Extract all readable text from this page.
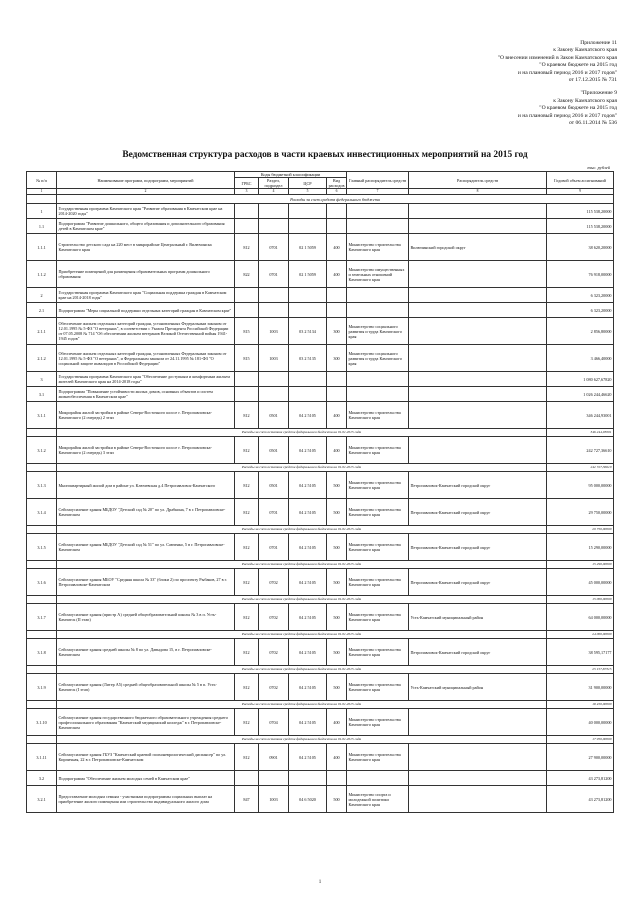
Приложение 11
к Закону Камчатского края
"О внесении изменений в Закон Камчатского края
"О краевом бюджете на 2015 год
и на плановый период 2016 и 2017 годов"
от 17.12.2015 № 731
"Приложение 9
к Закону Камчатского края
"О краевом бюджете на 2015 год
и на плановый период 2016 и 2017 годов"
от 06.11.2014 № 536
Ведомственная структура расходов в части краевых инвестиционных мероприятий на 2015 год
тыс. рублей
№ п/п	Наименование программ, подпрограмм, мероприятий	Коды бюджетной классификации				Главный распорядитель средств	Распорядитель средств	Годовой объем ассигнований
		ГРБС	Раздел, подраздел	ЦСР	Вид расходов			
1	2	3	4	5	6	7	8	9
	Расходы за счет средств федерального бюджета							
1	Государственная программа Камчатского края "Развитие образования в Камчатском крае на 2014-2020 годы"							115 538,20000
1.1	Подпрограмма "Развитие дошкольного, общего образования и дополнительного образования детей в Камчатском крае"							115 538,20000
1.1.1	Строительство детского сада на 220 мест в микрорайоне Центральный г. Вилючинска Камчатского края	812	0701	02 1 5059	400	Министерство строительства Камчатского края	Вилючинский городской округ	38 620,20000
1.1.2	Приобретение помещений для размещения образовательных программ дошкольного образования	822	0701	02 1 5059	400	Министерство имущественных и земельных отношений Камчатского края		76 918,00000
2	Государственная программа Камчатского края "Социальная поддержка граждан в Камчатском крае на 2014-2018 годы"							6 323,20000
2.1	Подпрограмма "Меры социальной поддержки отдельных категорий граждан в Камчатском крае"							6 323,20000
2.1.1	Обеспечение жильем отдельных категорий граждан, установленных Федеральным законом от 12.01.1995 № 5-ФЗ "О ветеранах", в соответствии с Указом Президента Российской Федерации от 07.05.2008 № 714 "Об обеспечении жильем ветеранов Великой Отечественной войны 1941-1945 годов"	815	1003	03 2 5134	300	Министерство социального развития и труда Камчатского края		2 856,80000
2.1.2	Обеспечение жильем отдельных категорий граждан, установленных Федеральным законом от 12.01.1995 № 5-ФЗ "О ветеранах", и Федеральным законом от 24.11.1995 № 181-ФЗ "О социальной защите инвалидов в Российской Федерации"	815	1003	03 2 5135	300	Министерство социального развития и труда Камчатского края		3 466,40000
3	Государственная программа Камчатского края "Обеспечение доступным и комфортным жильем жителей Камчатского края на 2014-2018 годы"							1 080 627,67820
3.1	Подпрограмма "Повышение устойчивости жилых домов, основных объектов и систем жизнеобеспечения в Камчатском крае"							1 026 244,46620
3.1.1	Микрорайон жилой застройки в районе Северо-Восточного шоссе г. Петропавловска-Камчатского (2 очередь) 2 этап	812	0501	04 2 5105	400	Министерство строительства Камчатского края		346 244,93001
	Расходы за счет остатков средств федерального бюджета на 01.01.2015 года							346 244,93001
3.1.2	Микрорайон жилой застройки в районе Северо-Восточного шоссе г. Петропавловска-Камчатского (2 очередь) 3 этап	812	0501	04 2 5105	400	Министерство строительства Камчатского края		242 727,36610
	Расходы за счет остатков средств федерального бюджета на 01.01.2015 года							242 727,36610
3.1.3	Многоквартирный жилой дом в районе ул. Ключевская д.4 Петропавловск-Камчатского	812	0501	04 2 5105	500	Министерство строительства Камчатского края	Петропавловск-Камчатский городской округ	95 000,00000
3.1.4	Сейсмоусиление здания МБДОУ "Детский сад № 20" по ул. Драбкина, 7 в г. Петропавловске-Камчатском	812	0701	04 2 5105	500	Министерство строительства Камчатского края	Петропавловск-Камчатский городской округ	29 750,00000
	Расходы за счет остатков средств федерального бюджета на 01.01.2015 года							29 750,00000
3.1.5	Сейсмоусиление здания МБДОУ "Детский сад № 51" по ул. Савченко, 5 в г. Петропавловске-Камчатском	812	0701	04 2 5105	500	Министерство строительства Камчатского края	Петропавловск-Камчатский городской округ	15 290,00000
	Расходы за счет остатков средств федерального бюджета на 01.01.2015 года							15 290,00000
3.1.6	Сейсмоусиление здания МБОУ "Средняя школа № 33" (блоки 2) по проспекту Рыбаков, 27 в г. Петропавловске-Камчатском	812	0702	04 2 5105	500	Министерство строительства Камчатского края	Петропавловск-Камчатский городской округ	45 000,00000
	Расходы за счет остатков средств федерального бюджета на 01.01.2015 года							15 000,00000
3.1.7	Сейсмоусиление здания (пристр А) средней общеобразовательной школы № 3 в п. Усть-Камчатск (II этап)	812	0702	04 2 5105	500	Министерство строительства Камчатского края	Усть-Камчатский муниципальный район	64 000,00000
	Расходы за счет остатков средств федерального бюджета на 01.01.2015 года							24 000,00000
3.1.8	Сейсмоусиление здания средней школы № 8 по ул. Давыдова 15, в г. Петропавловске-Камчатском	812	0702	04 2 5105	500	Министерство строительства Камчатского края	Петропавловск-Камчатский городской округ	38 595,17177
	Расходы за счет остатков средств федерального бюджета на 01.01.2015 года							25 157,87315
3.1.9	Сейсмоусиление здания (Литер А5) средней общеобразовательной школы № 5 в п. Усть-Камчатск (I этап)	812	0702	04 2 5105	500	Министерство строительства Камчатского края	Усть-Камчатский муниципальный район	31 900,00000
	Расходы за счет остатков средств федерального бюджета на 01.01.2015 года							18 450,00000
3.1.10	Сейсмоусиление здания государственного бюджетного образовательного учреждения среднего профессионального образования "Камчатский медицинский колледж" в г. Петропавловске-Камчатском	812	0704	04 2 5105	400	Министерство строительства Камчатского края		40 000,00000
	Расходы за счет остатков средств федерального бюджета на 01.01.2015 года							17 950,00000
3.1.11	Сейсмоусиление здания ГБУЗ "Камчатский краевой психоневрологический диспансер" по ул. Кирпичная, 22 в г. Петропавловске-Камчатском	812	0901	04 2 5105	400	Министерство строительства Камчатского края		27 900,00000
3.2	Подпрограмма "Обеспечение жильем молодых семей в Камчатском крае"							43 273,81200
3.2.1	Предоставление молодым семьям - участникам подпрограммы социальных выплат на приобретение жилого помещения или строительство индивидуального жилого дома	847	1003	04 6 5020	500	Министерство спорта и молодежной политики Камчатского края		43 273,81200
1
